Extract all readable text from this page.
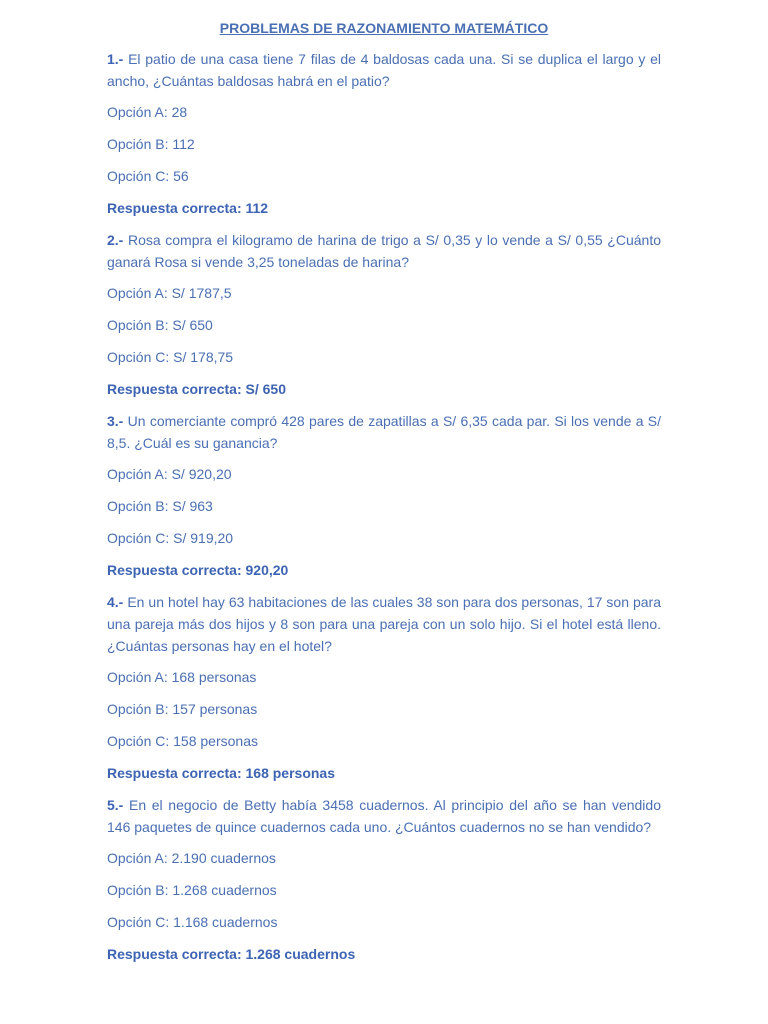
PROBLEMAS DE RAZONAMIENTO MATEMÁTICO

1.- El patio de una casa tiene 7 filas de 4 baldosas cada una. Si se duplica el largo y el ancho, ¿Cuántas baldosas habrá en el patio?

Opción A: 28

Opción B: 112

Opción C: 56

Respuesta correcta: 112

2.- Rosa compra el kilogramo de harina de trigo a S/ 0,35 y lo vende a S/ 0,55 ¿Cuánto ganará Rosa si vende 3,25 toneladas de harina?

Opción A: S/ 1787,5

Opción B: S/ 650

Opción C: S/ 178,75

Respuesta correcta: S/ 650

3.- Un comerciante compró 428 pares de zapatillas a S/ 6,35 cada par. Si los vende a S/ 8,5. ¿Cuál es su ganancia?

Opción A: S/ 920,20

Opción B: S/ 963

Opción C: S/ 919,20

Respuesta correcta: 920,20

4.- En un hotel hay 63 habitaciones de las cuales 38 son para dos personas, 17 son para una pareja más dos hijos y 8 son para una pareja con un solo hijo. Si el hotel está lleno. ¿Cuántas personas hay en el hotel?

Opción A: 168 personas

Opción B: 157 personas

Opción C: 158 personas

Respuesta correcta: 168 personas

5.- En el negocio de Betty había 3458 cuadernos. Al principio del año se han vendido 146 paquetes de quince cuadernos cada uno. ¿Cuántos cuadernos no se han vendido?

Opción A: 2.190 cuadernos

Opción B: 1.268 cuadernos

Opción C: 1.168 cuadernos

Respuesta correcta: 1.268 cuadernos
